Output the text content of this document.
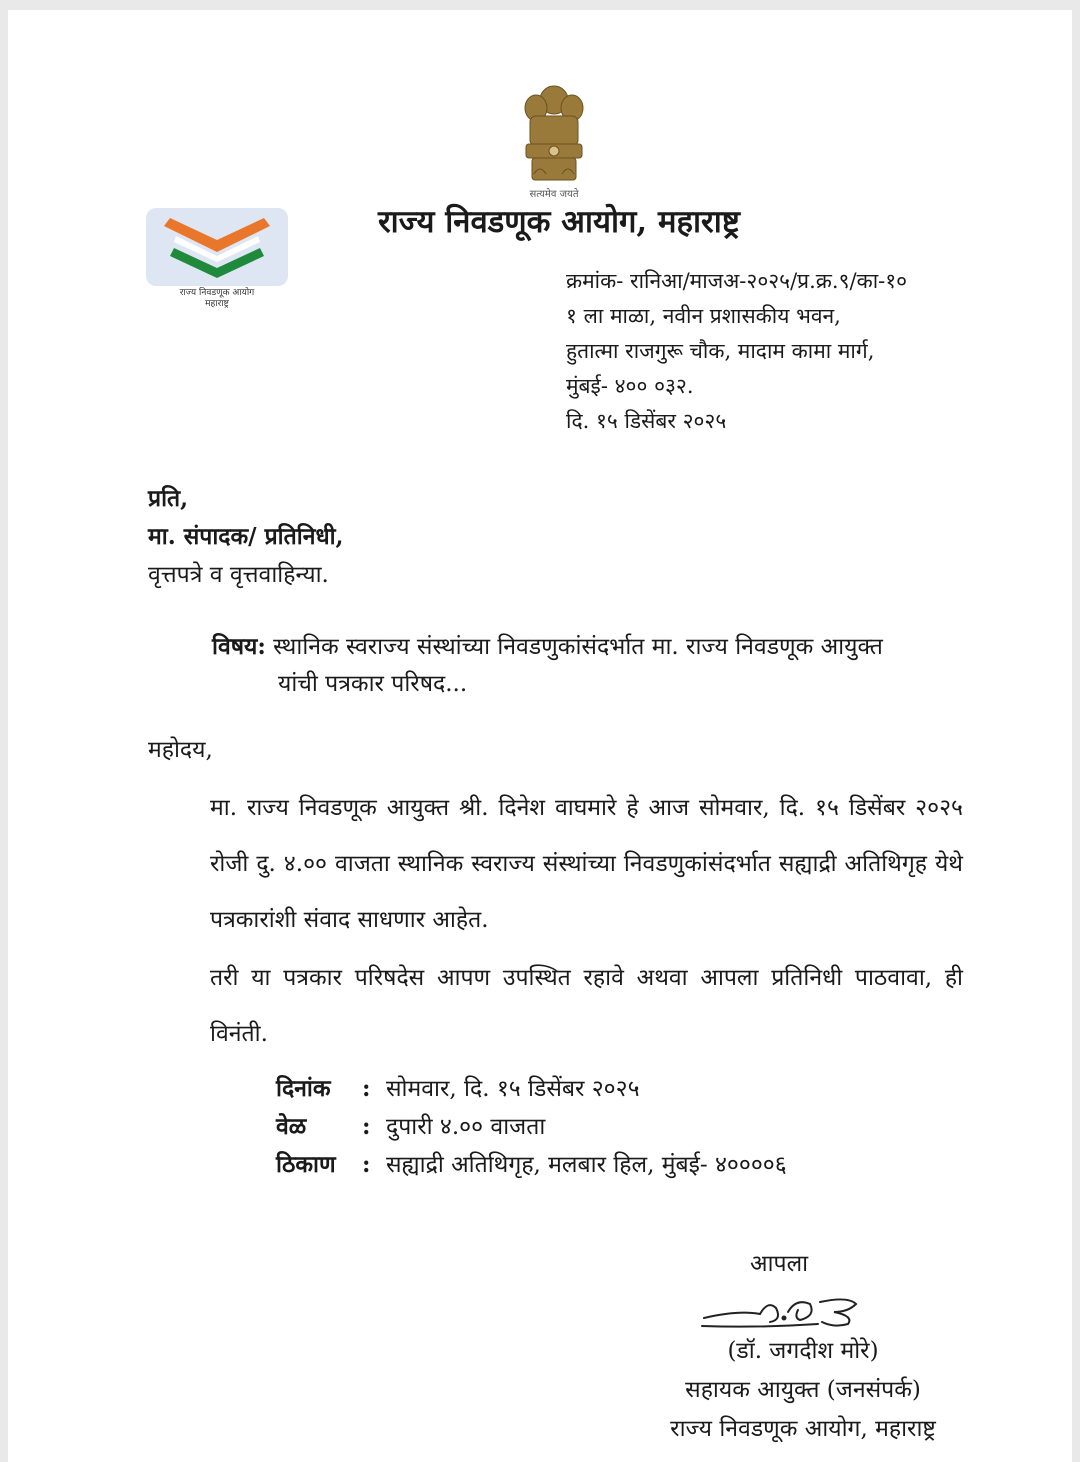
सत्यमेव जयते
राज्य निवडणूक आयोग
महाराष्ट्र
राज्य निवडणूक आयोग, महाराष्ट्र
क्रमांक- रानिआ/माजअ-२०२५/प्र.क्र.९/का-१०
१ ला माळा, नवीन प्रशासकीय भवन,
हुतात्मा राजगुरू चौक, मादाम कामा मार्ग,
मुंबई- ४०० ०३२.
दि. १५ डिसेंबर २०२५
प्रति,
मा. संपादक/ प्रतिनिधी,
वृत्तपत्रे व वृत्तवाहिन्या.
विषय: स्थानिक स्वराज्य संस्थांच्या निवडणुकांसंदर्भात मा. राज्य निवडणूक आयुक्त
यांची पत्रकार परिषद...
महोदय,
मा. राज्य निवडणूक आयुक्त श्री. दिनेश वाघमारे हे आज सोमवार, दि. १५ डिसेंबर २०२५ रोजी दु. ४.०० वाजता स्थानिक स्वराज्य संस्थांच्या निवडणुकांसंदर्भात सह्याद्री अतिथिगृह येथे पत्रकारांशी संवाद साधणार आहेत.
तरी या पत्रकार परिषदेस आपण उपस्थित रहावे अथवा आपला प्रतिनिधी पाठवावा, ही विनंती.
दिनांक	:	सोमवार, दि. १५ डिसेंबर २०२५
वेळ	:	दुपारी ४.०० वाजता
ठिकाण	:	सह्याद्री अतिथिगृह, मलबार हिल, मुंबई- ४००००६
आपला
(डॉ. जगदीश मोरे)
सहायक आयुक्त (जनसंपर्क)
राज्य निवडणूक आयोग, महाराष्ट्र
